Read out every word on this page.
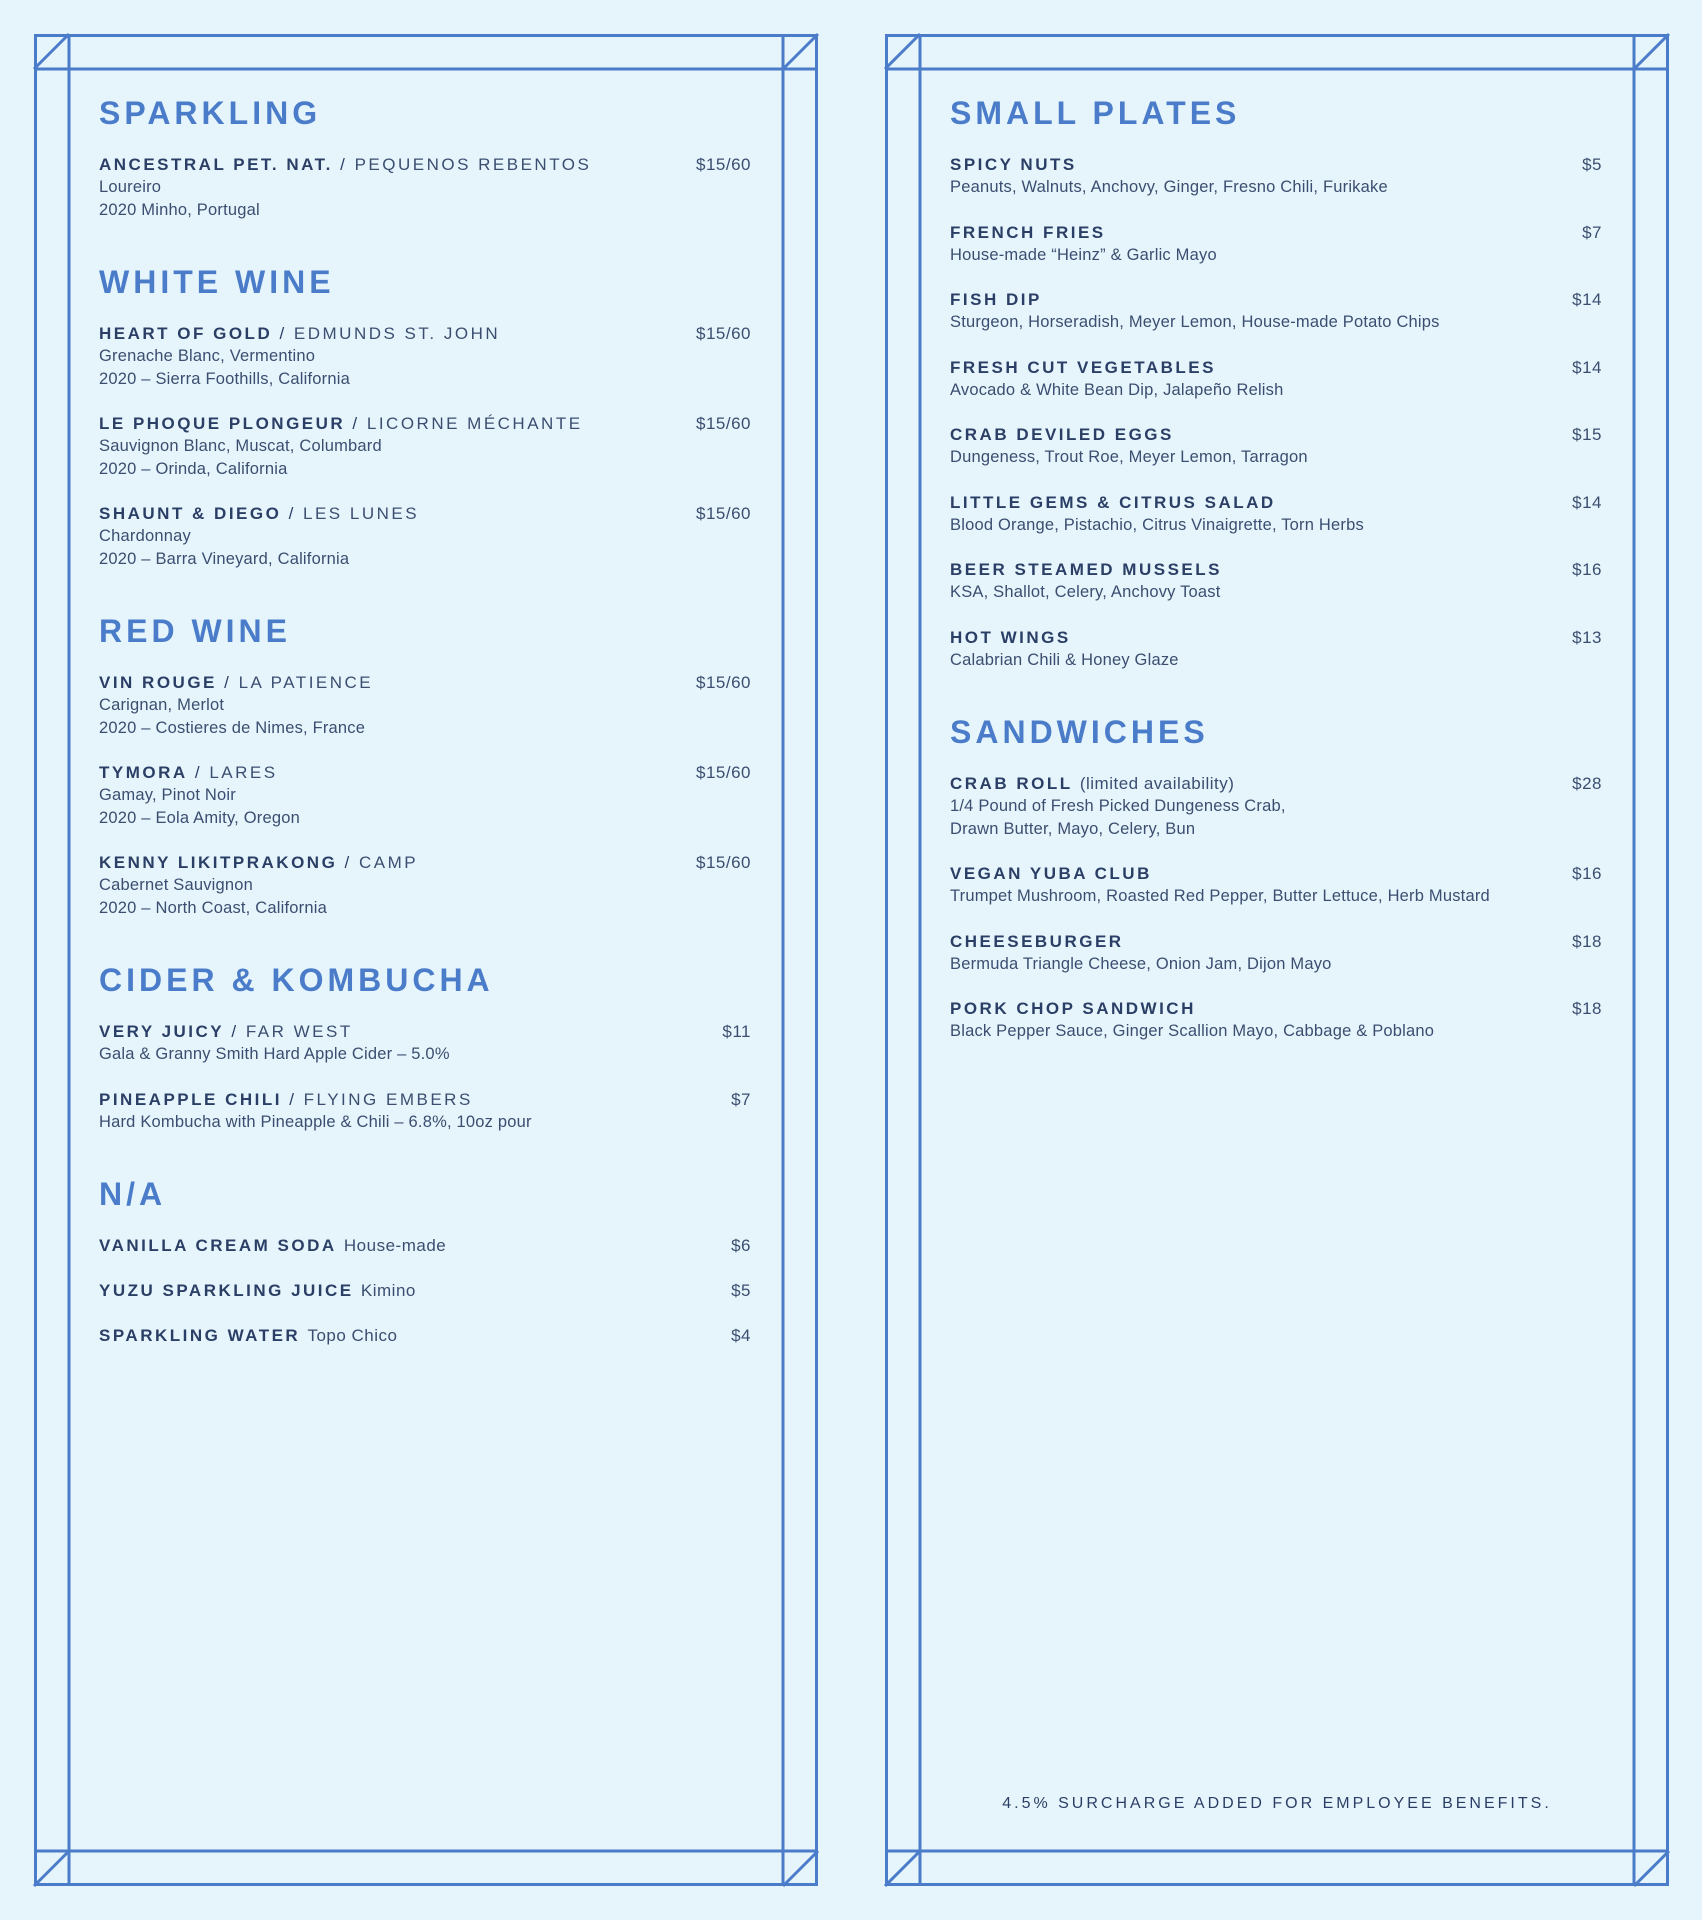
SPARKLING
ANCESTRAL PET. NAT. / PEQUENOS REBENTOS	$15/60
Loureiro
2020 Minho, Portugal
WHITE WINE
HEART OF GOLD / EDMUNDS ST. JOHN	$15/60
Grenache Blanc, Vermentino
2020 – Sierra Foothills, California
LE PHOQUE PLONGEUR / LICORNE MÉCHANTE	$15/60
Sauvignon Blanc, Muscat, Columbard
2020 – Orinda, California
SHAUNT & DIEGO / LES LUNES	$15/60
Chardonnay
2020 – Barra Vineyard, California
RED WINE
VIN ROUGE / LA PATIENCE	$15/60
Carignan, Merlot
2020 – Costieres de Nimes, France
TYMORA / LARES	$15/60
Gamay, Pinot Noir
2020 – Eola Amity, Oregon
KENNY LIKITPRAKONG / CAMP	$15/60
Cabernet Sauvignon
2020 – North Coast, California
CIDER & KOMBUCHA
VERY JUICY / FAR WEST	$11
Gala & Granny Smith Hard Apple Cider – 5.0%
PINEAPPLE CHILI / FLYING EMBERS	$7
Hard Kombucha with Pineapple & Chili – 6.8%, 10oz pour
N/A
VANILLA CREAM SODA House-made	$6
YUZU SPARKLING JUICE Kimino	$5
SPARKLING WATER Topo Chico	$4
SMALL PLATES
SPICY NUTS	$5
Peanuts, Walnuts, Anchovy, Ginger, Fresno Chili, Furikake
FRENCH FRIES	$7
House-made “Heinz” & Garlic Mayo
FISH DIP	$14
Sturgeon, Horseradish, Meyer Lemon, House-made Potato Chips
FRESH CUT VEGETABLES	$14
Avocado & White Bean Dip, Jalapeño Relish
CRAB DEVILED EGGS	$15
Dungeness, Trout Roe, Meyer Lemon, Tarragon
LITTLE GEMS & CITRUS SALAD	$14
Blood Orange, Pistachio, Citrus Vinaigrette, Torn Herbs
BEER STEAMED MUSSELS	$16
KSA, Shallot, Celery, Anchovy Toast
HOT WINGS	$13
Calabrian Chili & Honey Glaze
SANDWICHES
CRAB ROLL (limited availability)	$28
1/4 Pound of Fresh Picked Dungeness Crab,
Drawn Butter, Mayo, Celery, Bun
VEGAN YUBA CLUB	$16
Trumpet Mushroom, Roasted Red Pepper, Butter Lettuce, Herb Mustard
CHEESEBURGER	$18
Bermuda Triangle Cheese, Onion Jam, Dijon Mayo
PORK CHOP SANDWICH	$18
Black Pepper Sauce, Ginger Scallion Mayo, Cabbage & Poblano
4.5% SURCHARGE ADDED FOR EMPLOYEE BENEFITS.
